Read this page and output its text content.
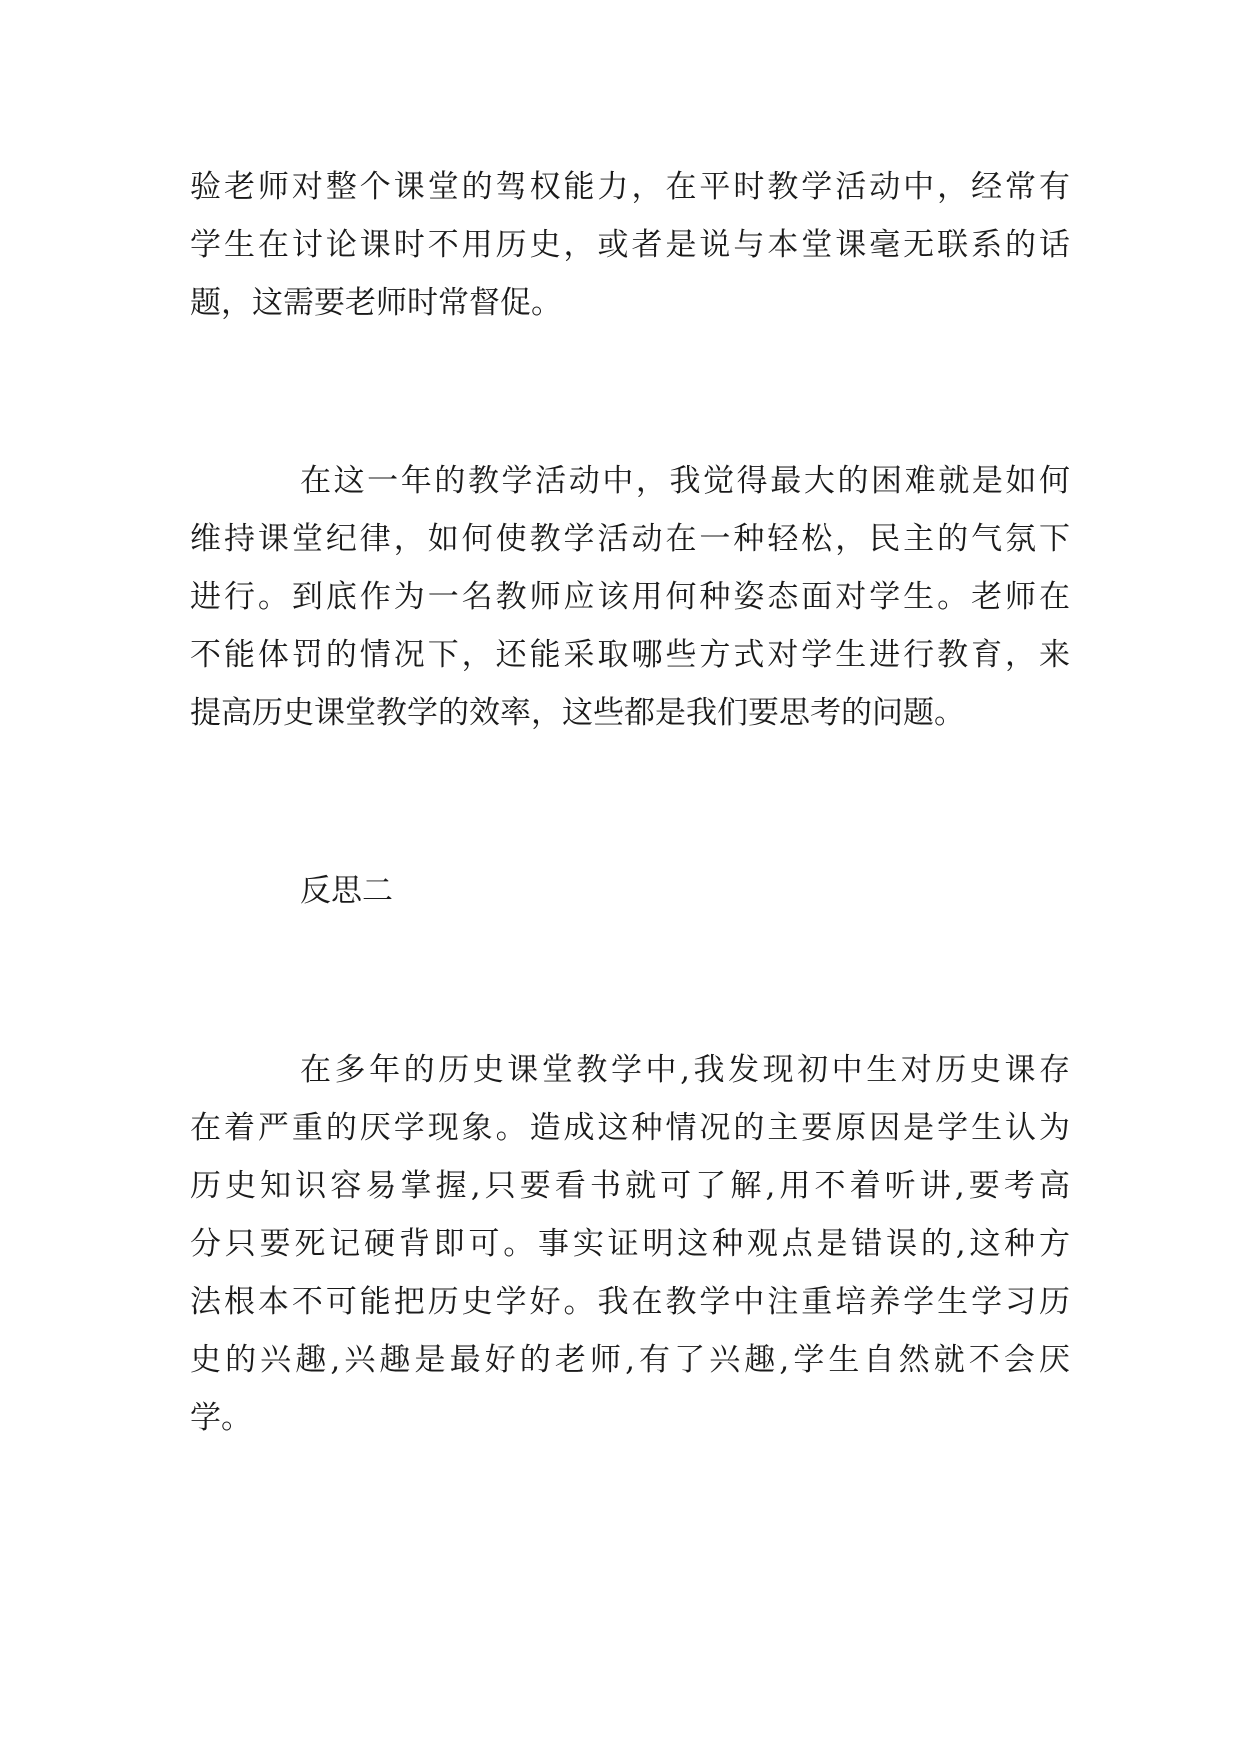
验老师对整个课堂的驾权能力，在平时教学活动中，经常有
学生在讨论课时不用历史，或者是说与本堂课毫无联系的话
题，这需要老师时常督促。
在这一年的教学活动中，我觉得最大的困难就是如何
维持课堂纪律，如何使教学活动在一种轻松，民主的气氛下
进行。到底作为一名教师应该用何种姿态面对学生。老师在
不能体罚的情况下，还能采取哪些方式对学生进行教育，来
提高历史课堂教学的效率，这些都是我们要思考的问题。
反思二
在多年的历史课堂教学中,我发现初中生对历史课存
在着严重的厌学现象。造成这种情况的主要原因是学生认为
历史知识容易掌握,只要看书就可了解,用不着听讲,要考高
分只要死记硬背即可。事实证明这种观点是错误的,这种方
法根本不可能把历史学好。我在教学中注重培养学生学习历
史的兴趣,兴趣是最好的老师,有了兴趣,学生自然就不会厌
学。
